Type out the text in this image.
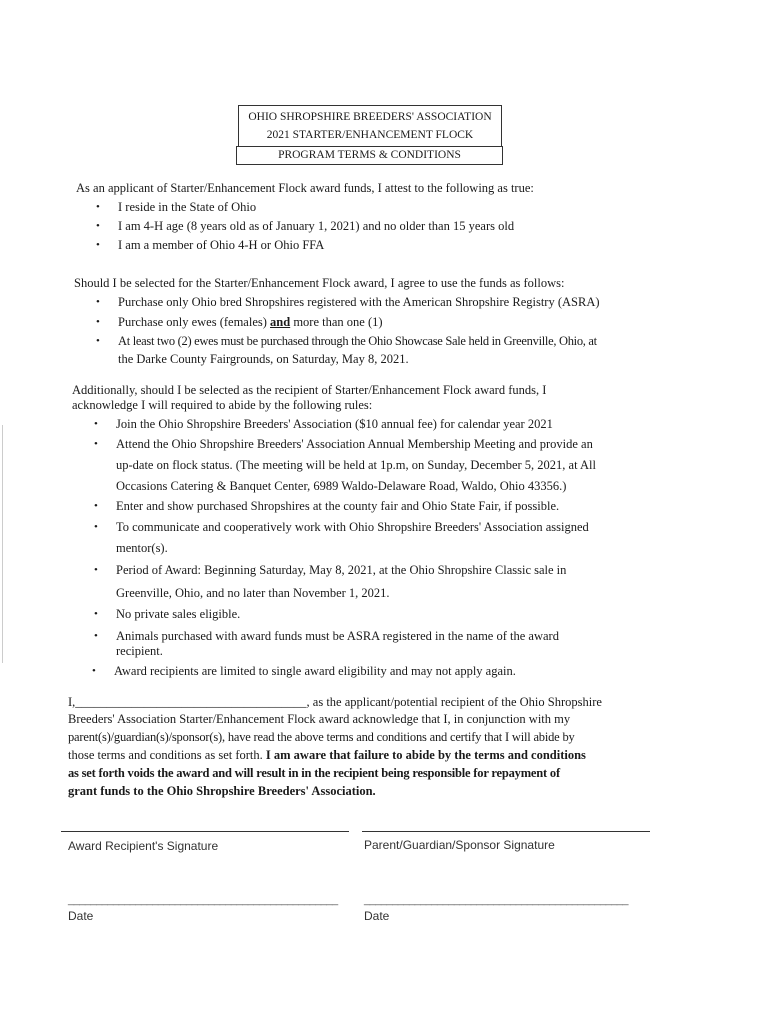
OHIO SHROPSHIRE BREEDERS' ASSOCIATION
2021 STARTER/ENHANCEMENT FLOCK
PROGRAM TERMS & CONDITIONS
As an applicant of Starter/Enhancement Flock award funds, I attest to the following as true:
• I reside in the State of Ohio
• I am 4-H age (8 years old as of January 1, 2021) and no older than 15 years old
• I am a member of Ohio 4-H or Ohio FFA
Should I be selected for the Starter/Enhancement Flock award, I agree to use the funds as follows:
• Purchase only Ohio bred Shropshires registered with the American Shropshire Registry (ASRA)
• Purchase only ewes (females) and more than one (1)
• At least two (2) ewes must be purchased through the Ohio Showcase Sale held in Greenville, Ohio, at
the Darke County Fairgrounds, on Saturday, May 8, 2021.
Additionally, should I be selected as the recipient of Starter/Enhancement Flock award funds, I
acknowledge I will required to abide by the following rules:
• Join the Ohio Shropshire Breeders' Association ($10 annual fee) for calendar year 2021
• Attend the Ohio Shropshire Breeders' Association Annual Membership Meeting and provide an
up-date on flock status. (The meeting will be held at 1p.m, on Sunday, December 5, 2021, at All
Occasions Catering & Banquet Center, 6989 Waldo-Delaware Road, Waldo, Ohio 43356.)
• Enter and show purchased Shropshires at the county fair and Ohio State Fair, if possible.
• To communicate and cooperatively work with Ohio Shropshire Breeders' Association assigned
mentor(s).
• Period of Award: Beginning Saturday, May 8, 2021, at the Ohio Shropshire Classic sale in
Greenville, Ohio, and no later than November 1, 2021.
• No private sales eligible.
• Animals purchased with award funds must be ASRA registered in the name of the award
recipient.
• Award recipients are limited to single award eligibility and may not apply again.
I,_____________________________________, as the applicant/potential recipient of the Ohio Shropshire
Breeders' Association Starter/Enhancement Flock award acknowledge that I, in conjunction with my
parent(s)/guardian(s)/sponsor(s), have read the above terms and conditions and certify that I will abide by
those terms and conditions as set forth. I am aware that failure to abide by the terms and conditions
as set forth voids the award and will result in in the recipient being responsible for repayment of
grant funds to the Ohio Shropshire Breeders' Association.
Award Recipient's Signature	Parent/Guardian/Sponsor Signature
________________________________________________ _______________________________________________
Date	Date
